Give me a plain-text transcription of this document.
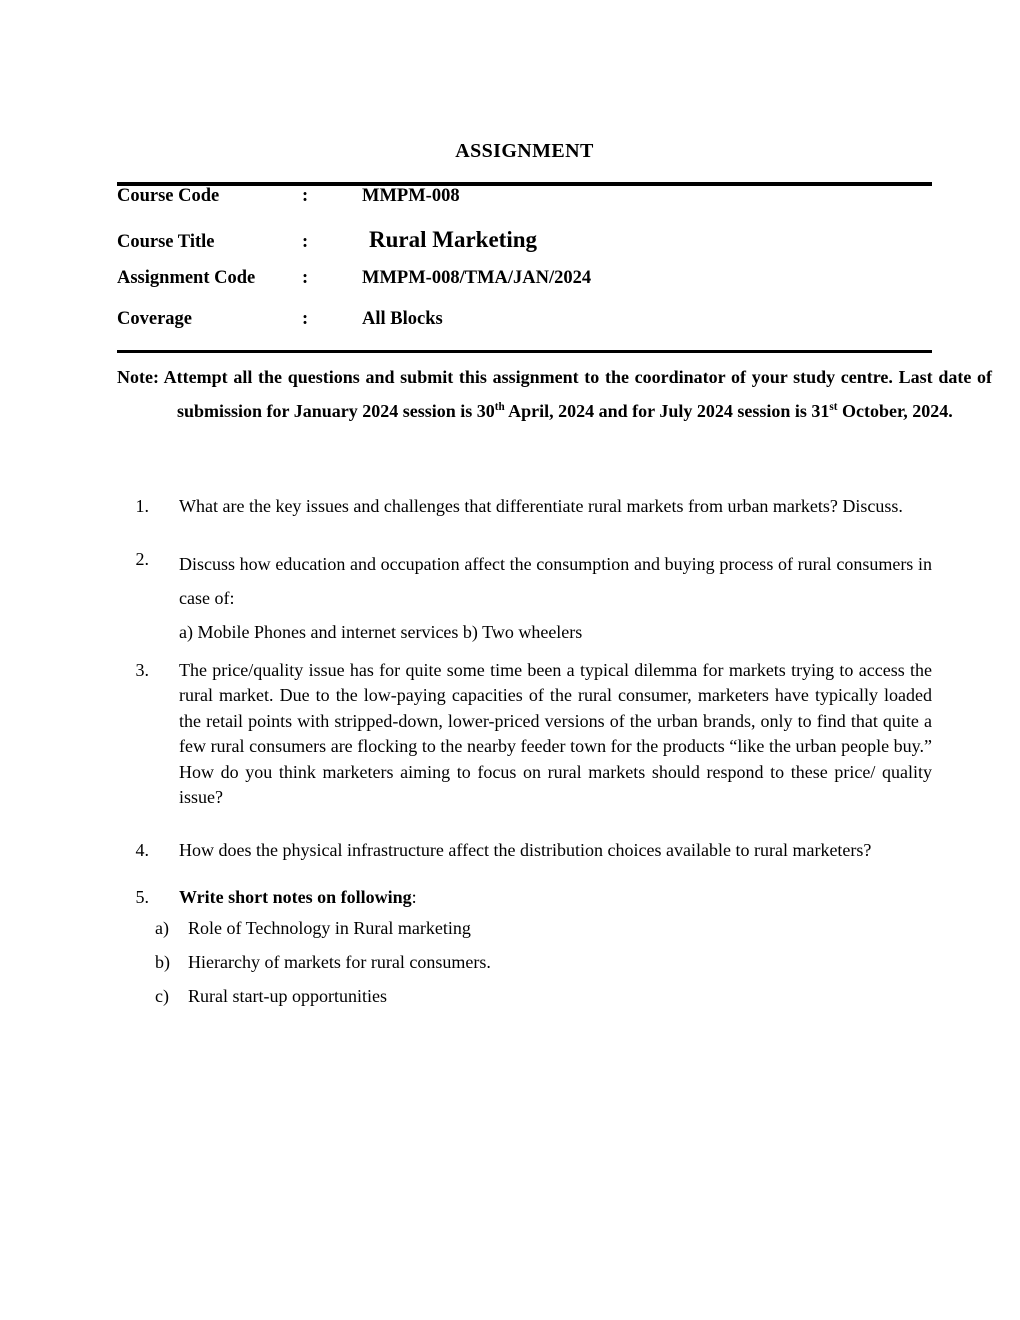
ASSIGNMENT
Course Code	:	MMPM-008
Course Title	:	Rural Marketing
Assignment Code	:	MMPM-008/TMA/JAN/2024
Coverage	:	All Blocks
Note: Attempt all the questions and submit this assignment to the coordinator of your study centre. Last date of submission for January 2024 session is 30th April, 2024 and for July 2024 session is 31st October, 2024.
1.	What are the key issues and challenges that differentiate rural markets from urban markets? Discuss.
2.	Discuss how education and occupation affect the consumption and buying process of rural consumers in case of:
a) Mobile Phones and internet services b) Two wheelers
3.	The price/quality issue has for quite some time been a typical dilemma for markets trying to access the rural market. Due to the low-paying capacities of the rural consumer, marketers have typically loaded the retail points with stripped-down, lower-priced versions of the urban brands, only to find that quite a few rural consumers are flocking to the nearby feeder town for the products “like the urban people buy.” How do you think marketers aiming to focus on rural markets should respond to these price/ quality issue?
4.	How does the physical infrastructure affect the distribution choices available to rural marketers?
5.	Write short notes on following:
a)	Role of Technology in Rural marketing
b)	Hierarchy of markets for rural consumers.
c)	Rural start-up opportunities
